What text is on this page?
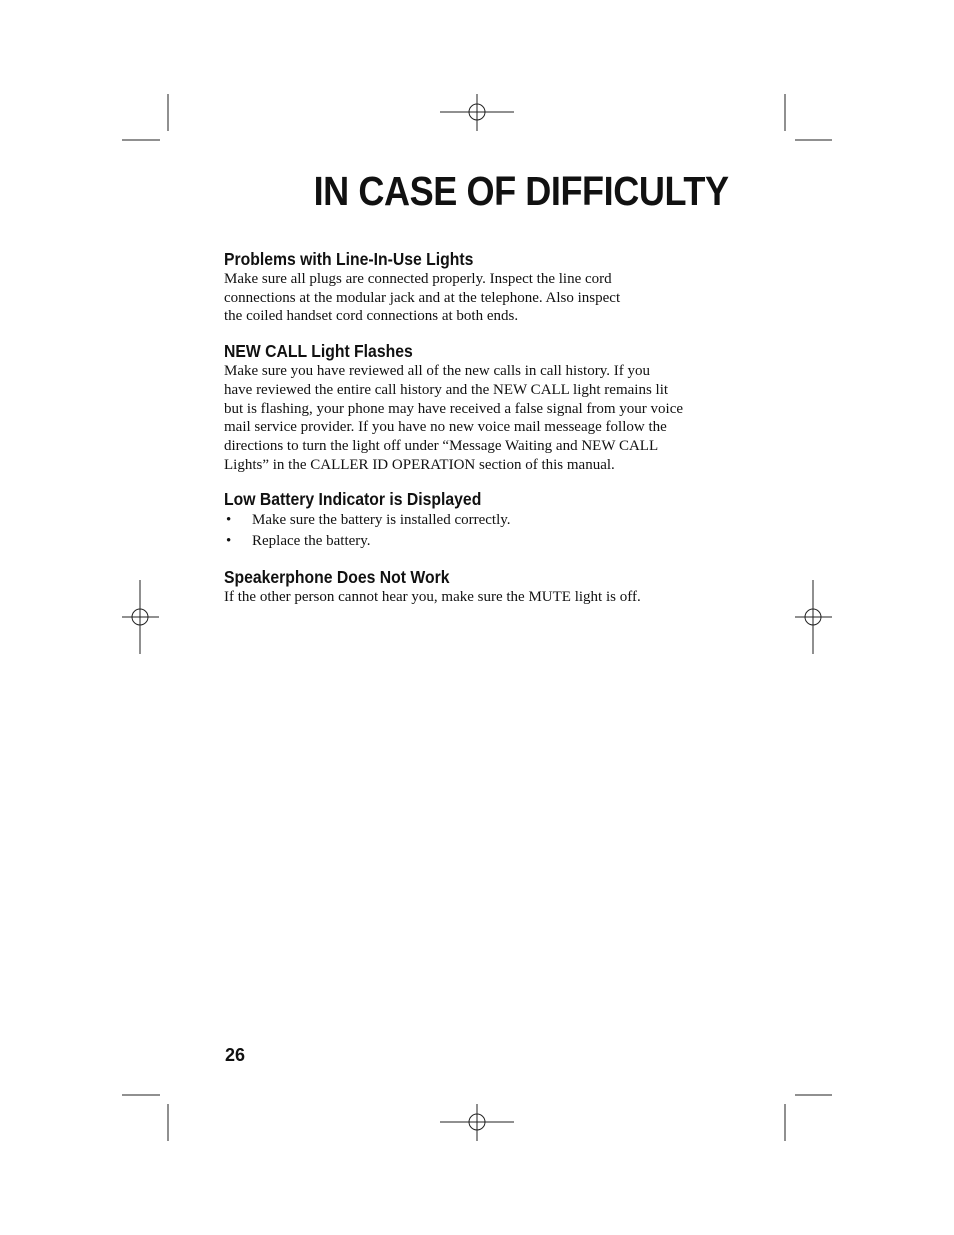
IN CASE OF DIFFICULTY
Problems with Line-In-Use Lights

Make sure all plugs are connected properly. Inspect the line cord

connections at the modular jack and at the telephone. Also inspect

the coiled handset cord connections at both ends.

NEW CALL Light Flashes

Make sure you have reviewed all of the new calls in call history. If you

have reviewed the entire call history and the NEW CALL light remains lit

but is flashing, your phone may have received a false signal from your voice

mail service provider. If you have no new voice mail messeage follow the

directions to turn the light off under “Message Waiting and NEW CALL

Lights” in the CALLER ID OPERATION section of this manual.

Low Battery Indicator is Displayed
• Make sure the battery is installed correctly.
• Replace the battery.
Speakerphone Does Not Work

If the other person cannot hear you, make sure the MUTE light is off.

26
